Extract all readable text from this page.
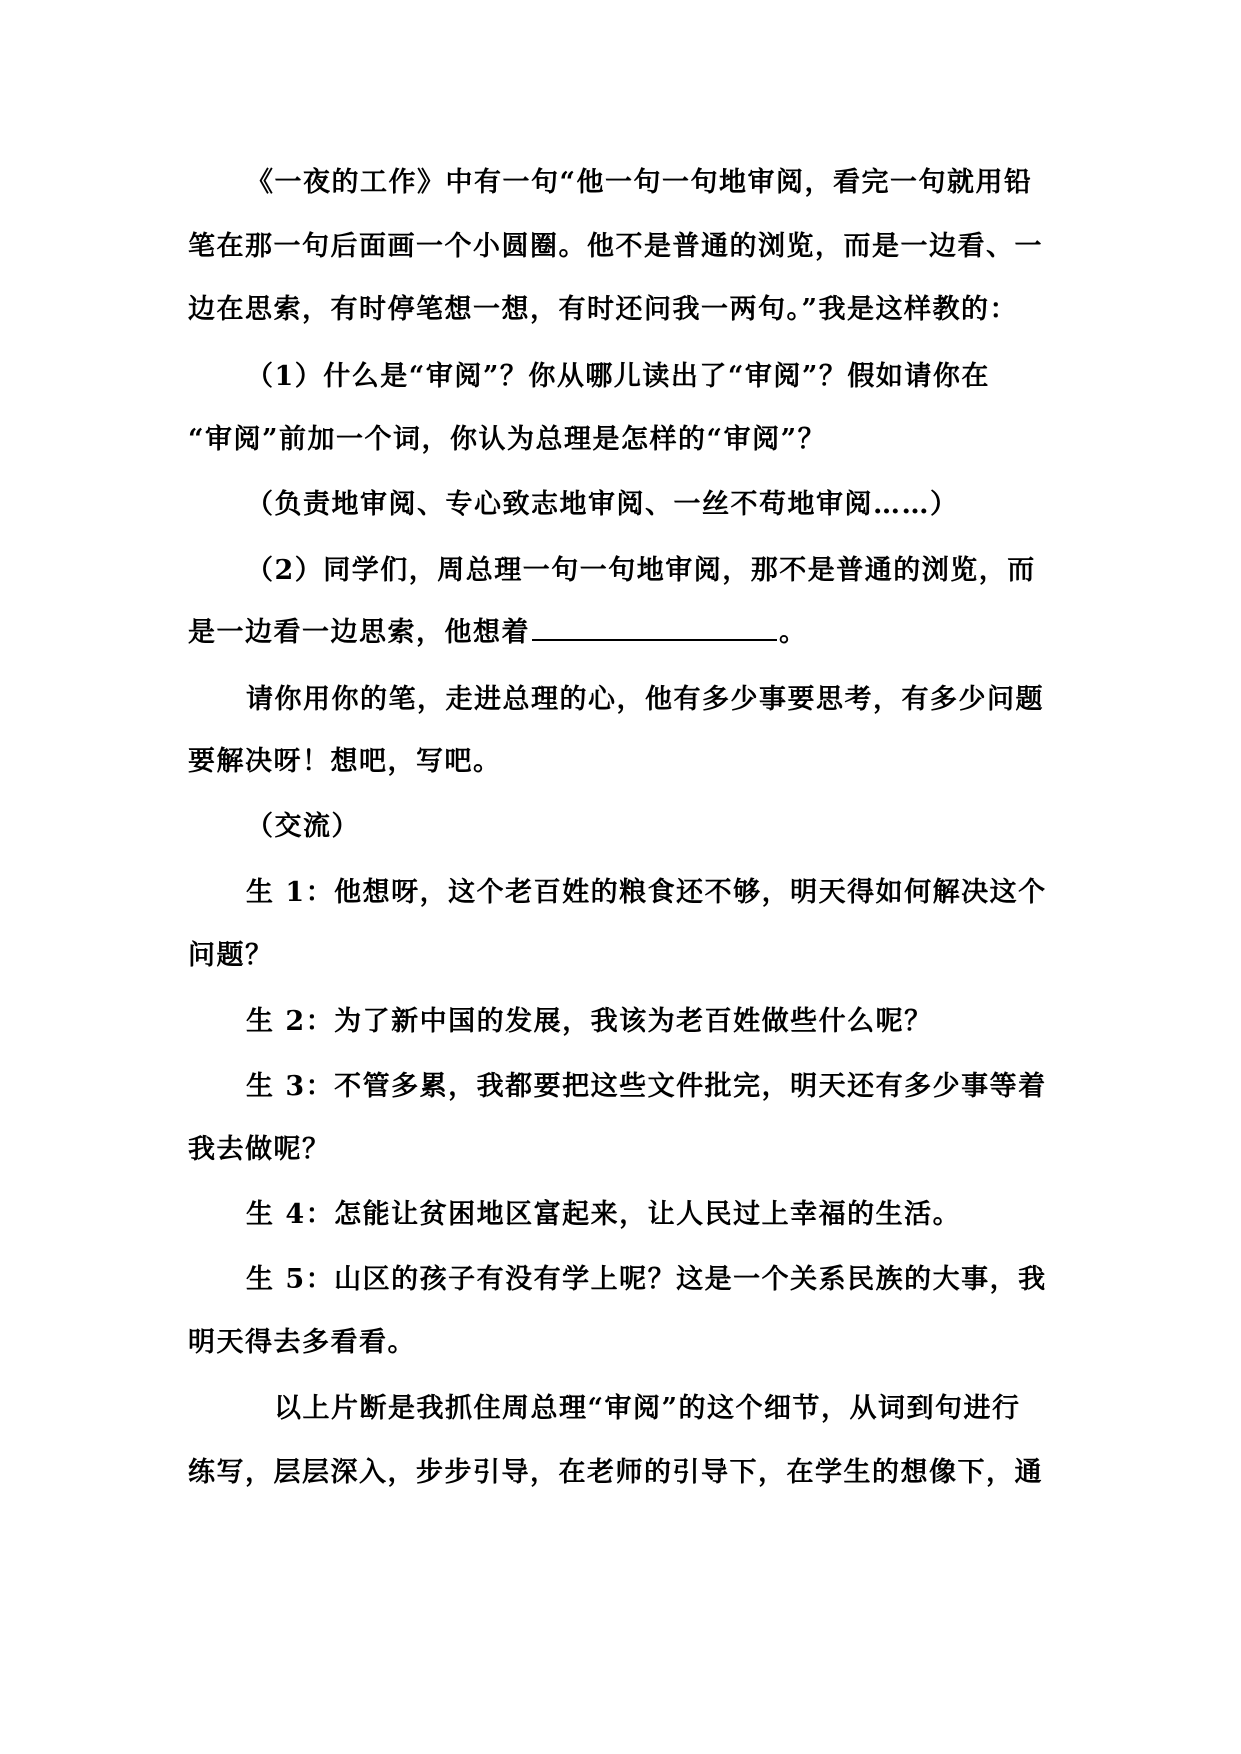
《一夜的工作》中有一句“他一句一句地审阅，看完一句就用铅
笔在那一句后面画一个小圆圈。他不是普通的浏览，而是一边看、一
边在思索，有时停笔想一想，有时还问我一两句。”我是这样教的：
（1）什么是“审阅”？你从哪儿读出了“审阅”？假如请你在
“审阅”前加一个词，你认为总理是怎样的“审阅”？
（负责地审阅、专心致志地审阅、一丝不苟地审阅……）
（2）同学们，周总理一句一句地审阅，那不是普通的浏览，而
是一边看一边思索，他想着	。
请你用你的笔，走进总理的心，他有多少事要思考，有多少问题
要解决呀！想吧，写吧。
（交流）
生 1：他想呀，这个老百姓的粮食还不够，明天得如何解决这个
问题？
生 2：为了新中国的发展，我该为老百姓做些什么呢？
生 3：不管多累，我都要把这些文件批完，明天还有多少事等着
我去做呢？
生 4：怎能让贫困地区富起来，让人民过上幸福的生活。
生 5：山区的孩子有没有学上呢？这是一个关系民族的大事，我
明天得去多看看。
以上片断是我抓住周总理“审阅”的这个细节，从词到句进行
练写，层层深入，步步引导，在老师的引导下，在学生的想像下，通
